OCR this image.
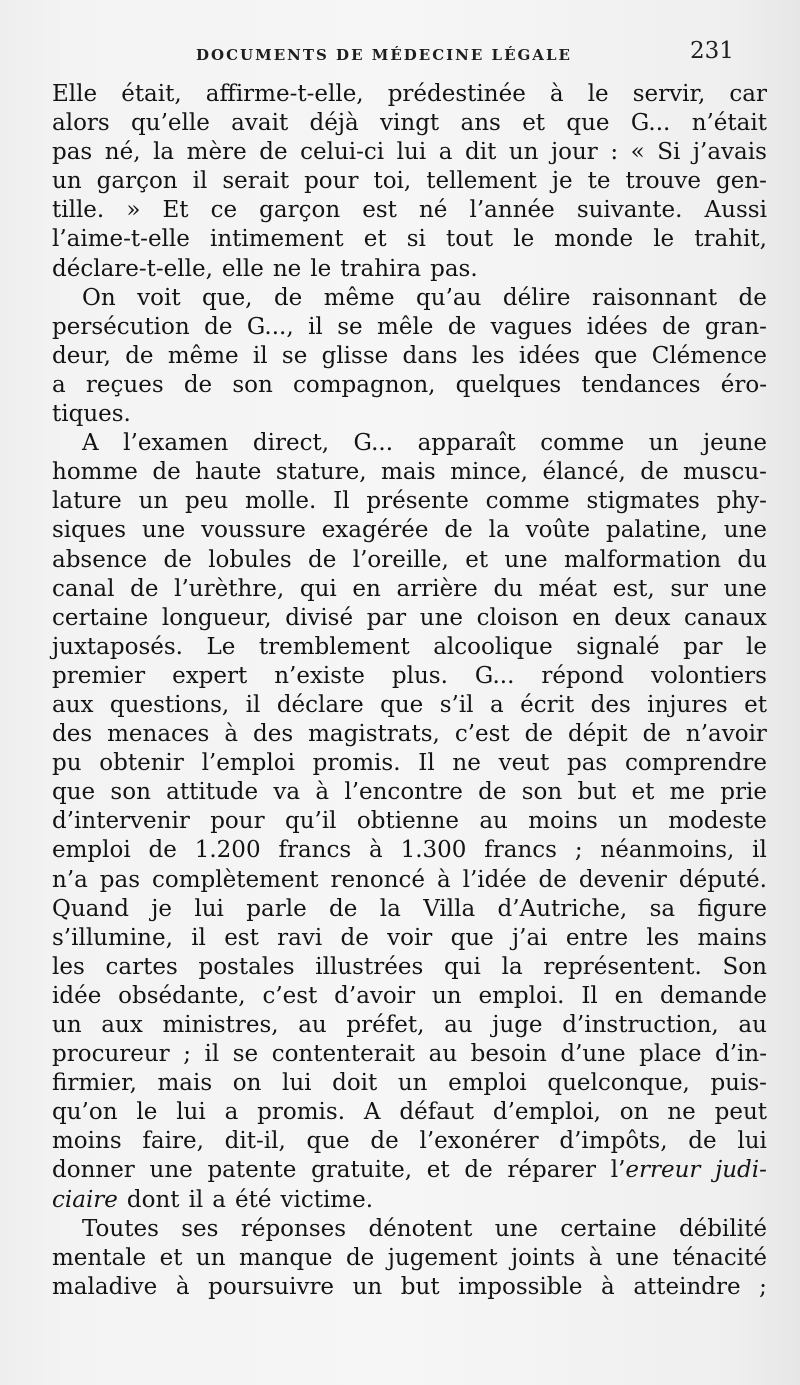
DOCUMENTS DE MÉDECINE LÉGALE	231
Elle était, affirme-t-elle, prédestinée à le servir, car
alors qu’elle avait déjà vingt ans et que G... n’était
pas né, la mère de celui-ci lui a dit un jour : « Si j’avais
un garçon il serait pour toi, tellement je te trouve gen-
tille. » Et ce garçon est né l’année suivante. Aussi
l’aime-t-elle intimement et si tout le monde le trahit,
déclare-t-elle, elle ne le trahira pas.
On voit que, de même qu’au délire raisonnant de
persécution de G..., il se mêle de vagues idées de gran-
deur, de même il se glisse dans les idées que Clémence
a reçues de son compagnon, quelques tendances éro-
tiques.
A l’examen direct, G... apparaît comme un jeune
homme de haute stature, mais mince, élancé, de muscu-
lature un peu molle. Il présente comme stigmates phy-
siques une voussure exagérée de la voûte palatine, une
absence de lobules de l’oreille, et une malformation du
canal de l’urèthre, qui en arrière du méat est, sur une
certaine longueur, divisé par une cloison en deux canaux
juxtaposés. Le tremblement alcoolique signalé par le
premier expert n’existe plus. G... répond volontiers
aux questions, il déclare que s’il a écrit des injures et
des menaces à des magistrats, c’est de dépit de n’avoir
pu obtenir l’emploi promis. Il ne veut pas comprendre
que son attitude va à l’encontre de son but et me prie
d’intervenir pour qu’il obtienne au moins un modeste
emploi de 1.200 francs à 1.300 francs ; néanmoins, il
n’a pas complètement renoncé à l’idée de devenir député.
Quand je lui parle de la Villa d’Autriche, sa figure
s’illumine, il est ravi de voir que j’ai entre les mains
les cartes postales illustrées qui la représentent. Son
idée obsédante, c’est d’avoir un emploi. Il en demande
un aux ministres, au préfet, au juge d’instruction, au
procureur ; il se contenterait au besoin d’une place d’in-
firmier, mais on lui doit un emploi quelconque, puis-
qu’on le lui a promis. A défaut d’emploi, on ne peut
moins faire, dit-il, que de l’exonérer d’impôts, de lui
donner une patente gratuite, et de réparer l’erreur judi-
ciaire dont il a été victime.
Toutes ses réponses dénotent une certaine débilité
mentale et un manque de jugement joints à une ténacité
maladive à poursuivre un but impossible à atteindre ;
